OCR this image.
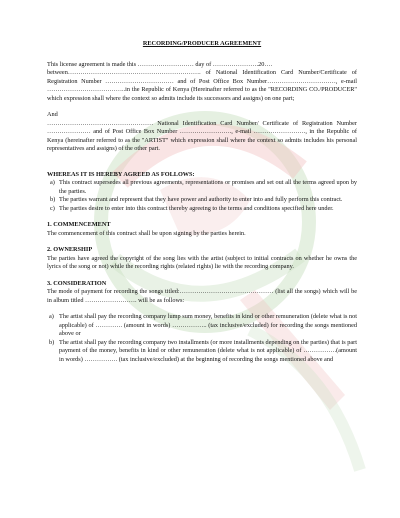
RECORDING/PRODUCER AGREEMENT

This license agreement is made this ……………………… day of ………………….20….

between………………………………………………………. of National Identification Card Number/Certificate of Registration Number …………………………… and of Post Office Box Number……………………………, e-mail ………………………………..in the Republic of Kenya (Hereinafter referred to as the "RECORDING CO./PRODUCER" which expression shall where the context so admits include its successors and assigns) on one part;

And

…………………………………………… National Identification Card Number/ Certificate of Registration Number ………………… and of Post Office Box Number ……………………., e-mail ……………………., in the Republic of Kenya (hereinafter referred to as the "ARTIST" which expression shall where the context so admits includes his personal representatives and assigns) of the other part.

WHEREAS IT IS HEREBY AGREED AS FOLLOWS:

a) This contract supersedes all previous agreements, representations or promises and set out all the terms agreed upon by the parties.
b) The parties warrant and represent that they have power and authority to enter into and fully perform this contract.
c) The parties desire to enter into this contract thereby agreeing to the terms and conditions specified here under.

1. COMMENCEMENT

The commencement of this contract shall be upon signing by the parties herein.

2. OWNERSHIP

The parties have agreed the copyright of the song lies with the artist (subject to initial contracts on whether he owns the lyrics of the song or not) while the recording rights (related rights) lie with the recording company.

3. CONSIDERATION

The mode of payment for recording the songs titled:……………………………………… (list all the songs) which will be in album titled ……………………. will be as follows:

a) The artist shall pay the recording company lump sum money, benefits in kind or other remuneration (delete what is not applicable) of …………. (amount in words) …………….. (tax inclusive/excluded) for recording the songs mentioned above or
b) The artist shall pay the recording company two installments (or more installments depending on the parties) that is part payment of the money, benefits in kind or other remuneration (delete what is not applicable) of …………….(amount in words) ……………. (tax inclusive/excluded) at the beginning of recording the songs mentioned above and
